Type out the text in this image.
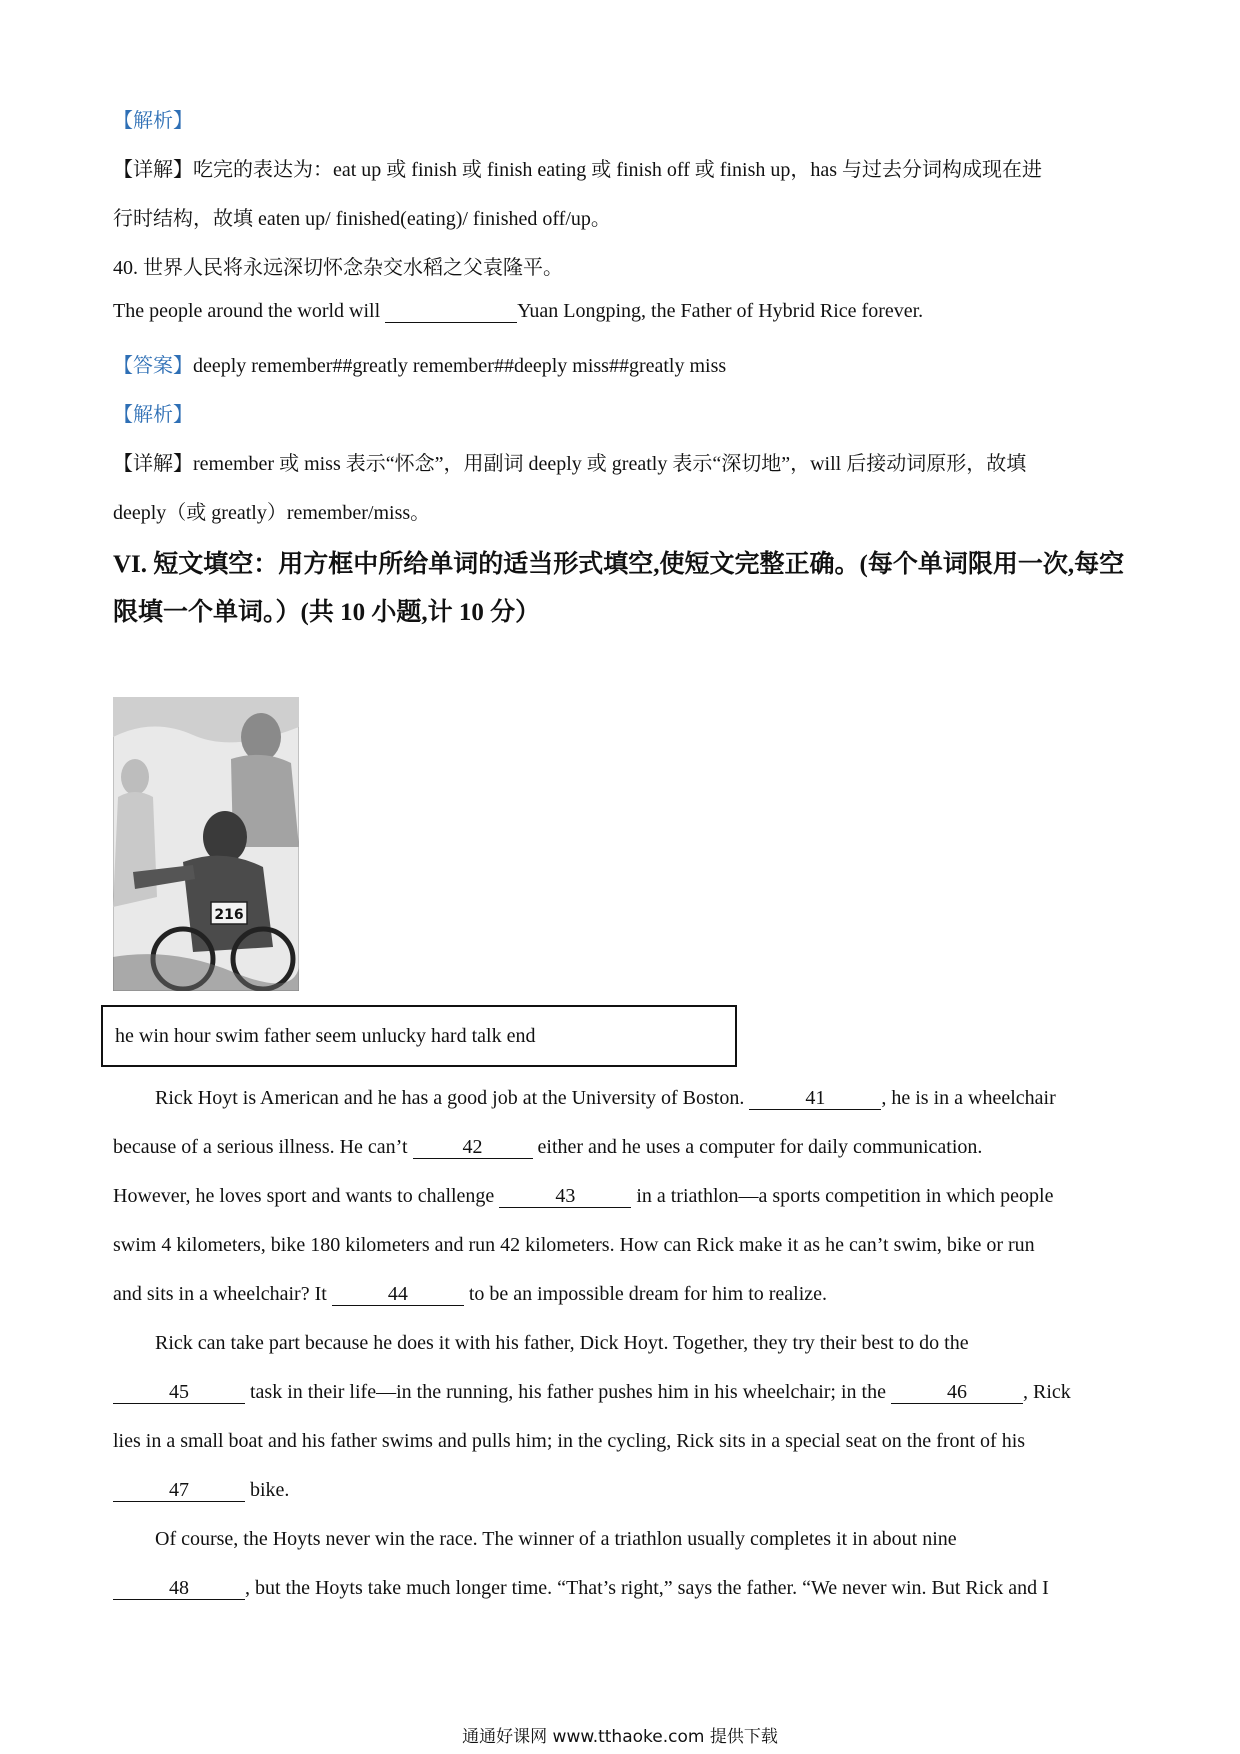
【解析】
【详解】吃完的表达为：eat up 或 finish 或 finish eating 或 finish off 或 finish up，has 与过去分词构成现在进
行时结构，故填 eaten up/ finished(eating)/ finished off/up。
40. 世界人民将永远深切怀念杂交水稻之父袁隆平。
The people around the world will	Yuan Longping, the Father of Hybrid Rice forever.
【答案】deeply remember##greatly remember##deeply miss##greatly miss
【解析】
【详解】remember 或 miss 表示“怀念”，用副词 deeply 或 greatly 表示“深切地”，will 后接动词原形，故填
deeply（或 greatly）remember/miss。
VI. 短文填空：用方框中所给单词的适当形式填空,使短文完整正确。(每个单词限用一次,每空
限填一个单词。）(共 10 小题,计 10 分）
216
he win hour swim father seem unlucky hard talk end
Rick Hoyt is American and he has a good job at the University of Boston.	41	, he is in a wheelchair
because of a serious illness. He can’t	42	either and he uses a computer for daily communication.
However, he loves sport and wants to challenge	43	in a triathlon—a sports competition in which people
swim 4 kilometers, bike 180 kilometers and run 42 kilometers. How can Rick make it as he can’t swim, bike or run
and sits in a wheelchair? It	44	to be an impossible dream for him to realize.
Rick can take part because he does it with his father, Dick Hoyt. Together, they try their best to do the
45	task in their life—in the running, his father pushes him in his wheelchair; in the	46	, Rick
lies in a small boat and his father swims and pulls him; in the cycling, Rick sits in a special seat on the front of his
47	bike.
Of course, the Hoyts never win the race. The winner of a triathlon usually completes it in about nine
48	, but the Hoyts take much longer time. “That’s right,” says the father. “We never win. But Rick and I
通通好课网 www.tthaoke.com 提供下载
